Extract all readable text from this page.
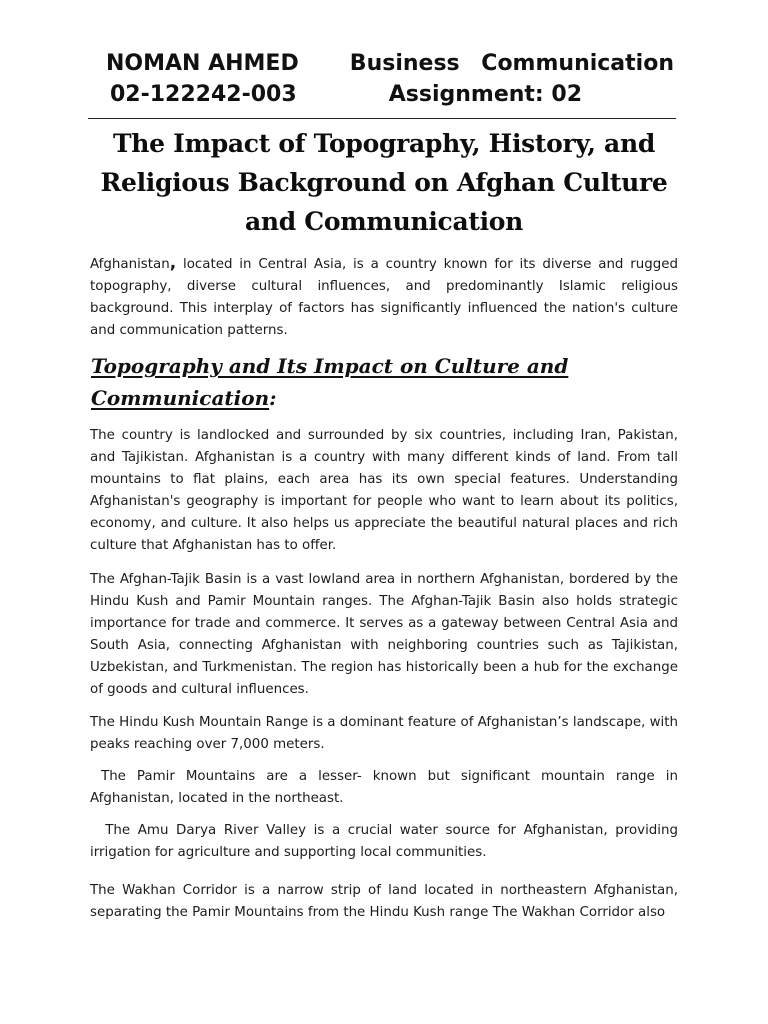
NOMAN AHMED
02-122242-003
Business Communication
Assignment: 02
The Impact of Topography, History, and Religious Background on Afghan Culture and Communication

Afghanistan, located in Central Asia, is a country known for its diverse and rugged topography, diverse cultural influences, and predominantly Islamic religious background. This interplay of factors has significantly influenced the nation's culture and communication patterns.

Topography and Its Impact on Culture and Communication:

The country is landlocked and surrounded by six countries, including Iran, Pakistan, and Tajikistan. Afghanistan is a country with many different kinds of land. From tall mountains to flat plains, each area has its own special features. Understanding Afghanistan's geography is important for people who want to learn about its politics, economy, and culture. It also helps us appreciate the beautiful natural places and rich culture that Afghanistan has to offer.

The Afghan-Tajik Basin is a vast lowland area in northern Afghanistan, bordered by the Hindu Kush and Pamir Mountain ranges. The Afghan-Tajik Basin also holds strategic importance for trade and commerce. It serves as a gateway between Central Asia and South Asia, connecting Afghanistan with neighboring countries such as Tajikistan, Uzbekistan, and Turkmenistan. The region has historically been a hub for the exchange of goods and cultural influences.

The Hindu Kush Mountain Range is a dominant feature of Afghanistan’s landscape, with peaks reaching over 7,000 meters.

The Pamir Mountains are a lesser- known but significant mountain range in Afghanistan, located in the northeast.

The Amu Darya River Valley is a crucial water source for Afghanistan, providing irrigation for agriculture and supporting local communities.

The Wakhan Corridor is a narrow strip of land located in northeastern Afghanistan, separating the Pamir Mountains from the Hindu Kush range The Wakhan Corridor also
